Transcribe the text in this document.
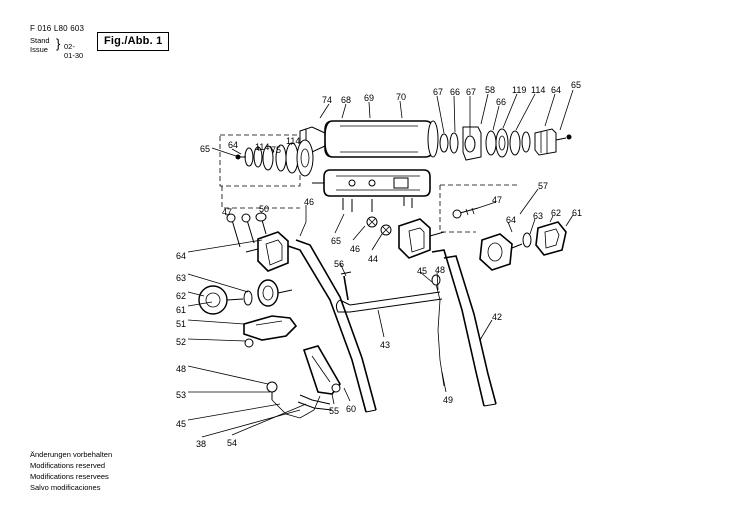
F 016 L80 603
Stand
Issue } 02-01-30
Fig./Abb. 1
74 68 69 70	67 66 67 58
66
119 114 64 65
65 64 114 75
114
47	50
46	47
57
64 63 62 61
65
46
44
56
45 48
64
63
62
61
51
52
48
53
45
43
42
49
55 60
38 54
Änderungen vorbehalten
Modifications reserved
Modifications reservees
Salvo modificaciones
